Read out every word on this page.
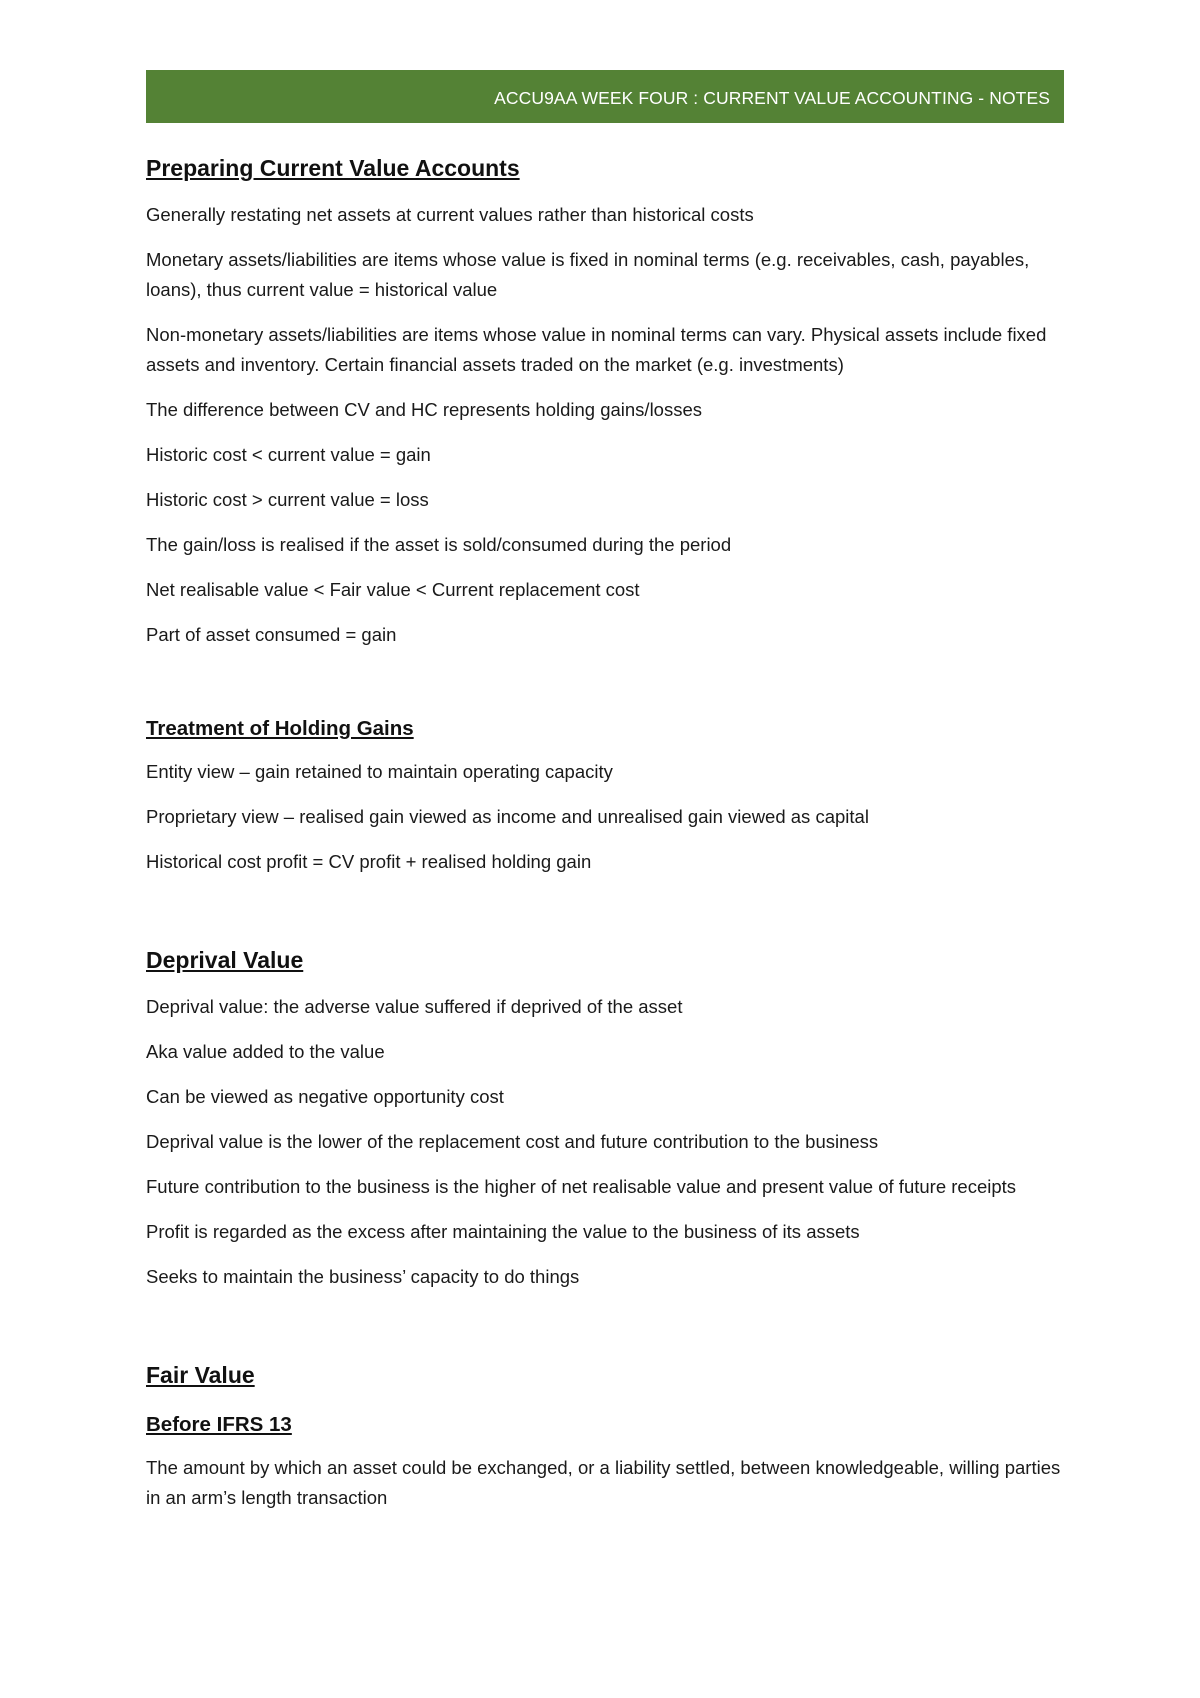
ACCU9AA WEEK FOUR : CURRENT VALUE ACCOUNTING - NOTES
Preparing Current Value Accounts

Generally restating net assets at current values rather than historical costs

Monetary assets/liabilities are items whose value is fixed in nominal terms (e.g. receivables, cash, payables, loans), thus current value = historical value

Non-monetary assets/liabilities are items whose value in nominal terms can vary. Physical assets include fixed assets and inventory. Certain financial assets traded on the market (e.g. investments)

The difference between CV and HC represents holding gains/losses

Historic cost < current value = gain

Historic cost > current value = loss

The gain/loss is realised if the asset is sold/consumed during the period

Net realisable value < Fair value < Current replacement cost

Part of asset consumed = gain

Treatment of Holding Gains

Entity view – gain retained to maintain operating capacity

Proprietary view – realised gain viewed as income and unrealised gain viewed as capital

Historical cost profit = CV profit + realised holding gain

Deprival Value

Deprival value: the adverse value suffered if deprived of the asset

Aka value added to the value

Can be viewed as negative opportunity cost

Deprival value is the lower of the replacement cost and future contribution to the business

Future contribution to the business is the higher of net realisable value and present value of future receipts

Profit is regarded as the excess after maintaining the value to the business of its assets

Seeks to maintain the business’ capacity to do things

Fair Value
Before IFRS 13

The amount by which an asset could be exchanged, or a liability settled, between knowledgeable, willing parties in an arm’s length transaction
